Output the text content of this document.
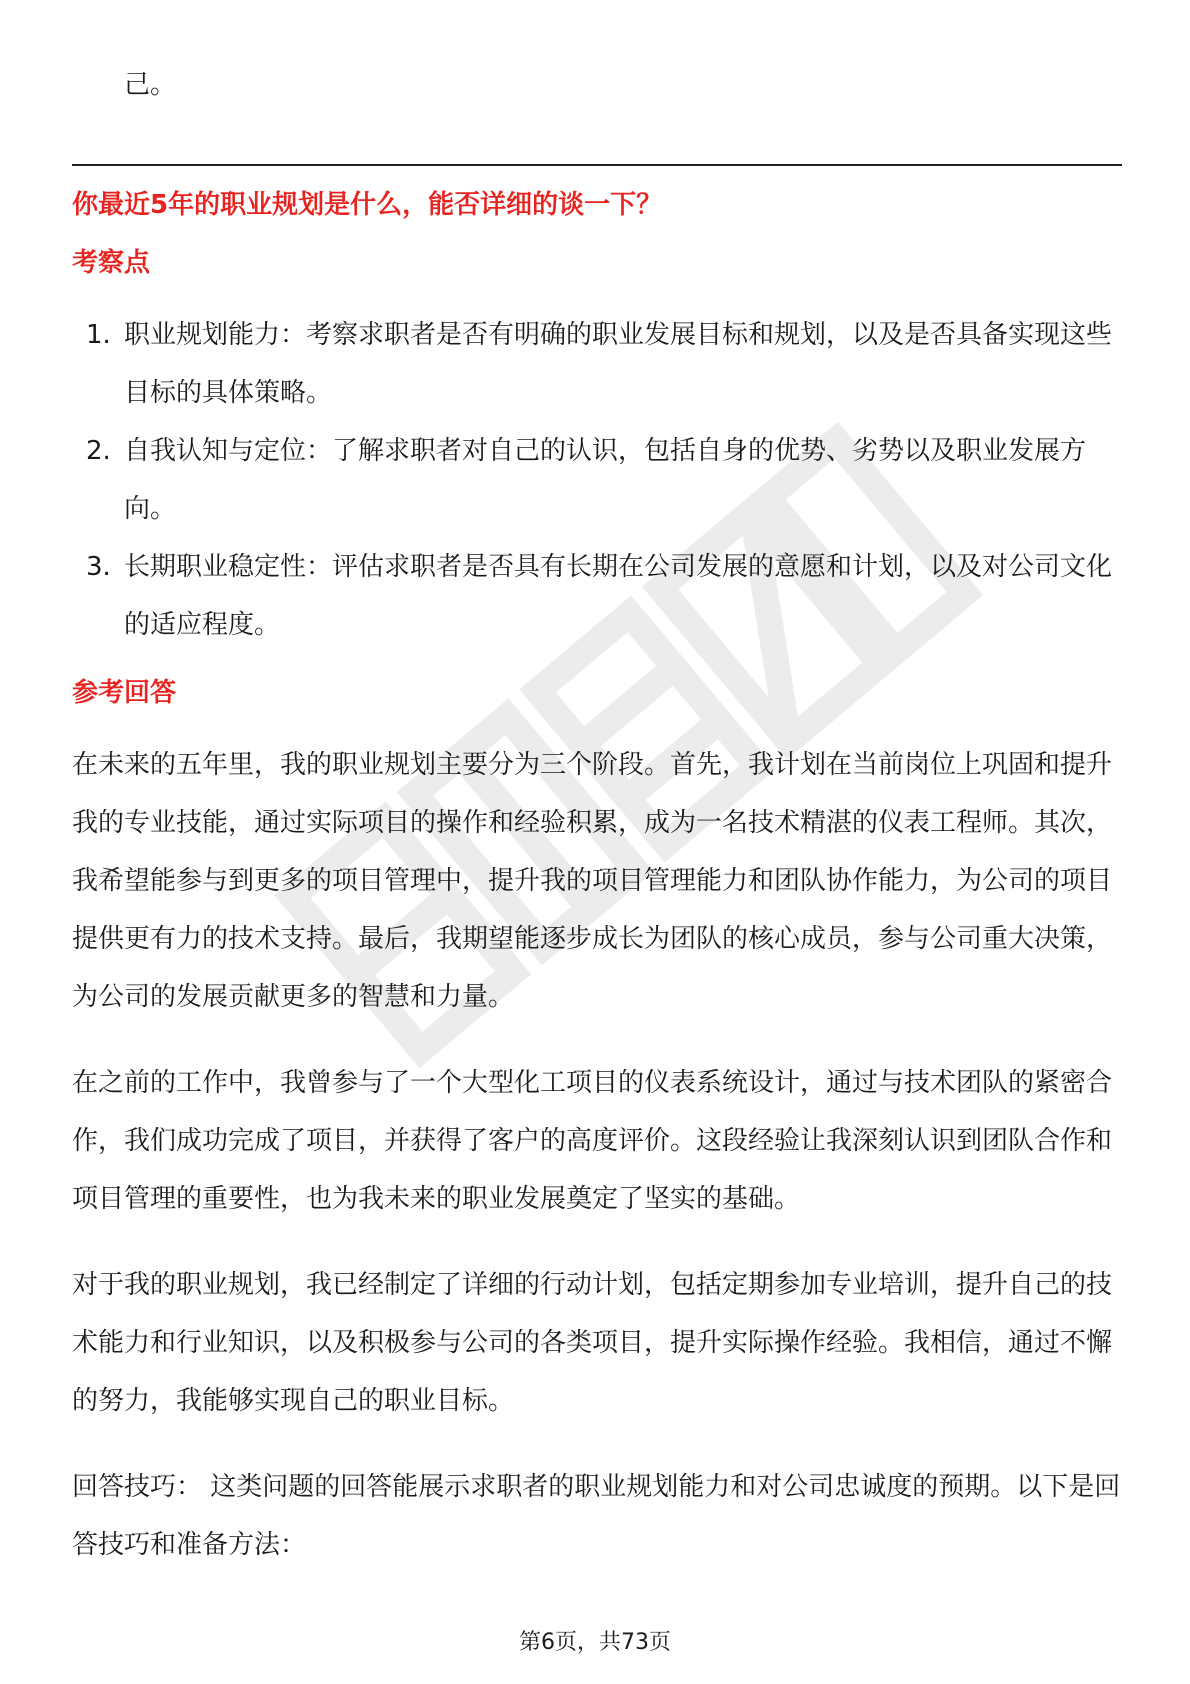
己。

你最近5年的职业规划是什么，能否详细的谈一下？

考察点

1. 职业规划能力：考察求职者是否有明确的职业发展目标和规划，以及是否具备实现这些目标的具体策略。
2. 自我认知与定位：了解求职者对自己的认识，包括自身的优势、劣势以及职业发展方向。
3. 长期职业稳定性：评估求职者是否具有长期在公司发展的意愿和计划，以及对公司文化的适应程度。

参考回答

在未来的五年里，我的职业规划主要分为三个阶段。首先，我计划在当前岗位上巩固和提升我的专业技能，通过实际项目的操作和经验积累，成为一名技术精湛的仪表工程师。其次，我希望能参与到更多的项目管理中，提升我的项目管理能力和团队协作能力，为公司的项目提供更有力的技术支持。最后，我期望能逐步成长为团队的核心成员，参与公司重大决策，为公司的发展贡献更多的智慧和力量。

在之前的工作中，我曾参与了一个大型化工项目的仪表系统设计，通过与技术团队的紧密合作，我们成功完成了项目，并获得了客户的高度评价。这段经验让我深刻认识到团队合作和项目管理的重要性，也为我未来的职业发展奠定了坚实的基础。

对于我的职业规划，我已经制定了详细的行动计划，包括定期参加专业培训，提升自己的技术能力和行业知识，以及积极参与公司的各类项目，提升实际操作经验。我相信，通过不懈的努力，我能够实现自己的职业目标。

回答技巧： 这类问题的回答能展示求职者的职业规划能力和对公司忠诚度的预期。以下是回答技巧和准备方法：

第6页，共73页
